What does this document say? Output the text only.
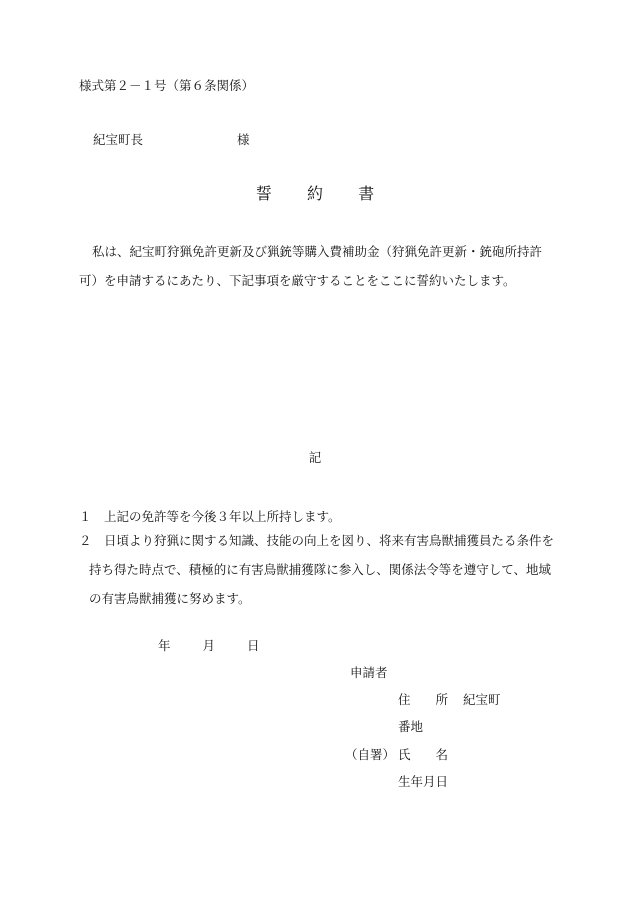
様式第２－１号（第６条関係）
紀宝町長	様
誓 約 書
私は、紀宝町狩猟免許更新及び猟銃等購入費補助金（狩猟免許更新・銃砲所持許可）を申請するにあたり、下記事項を厳守することをここに誓約いたします。
記
１ 上記の免許等を今後３年以上所持します。
２ 日頃より狩猟に関する知識、技能の向上を図り、将来有害鳥獣捕獲員たる条件を持ち得た時点で、積極的に有害鳥獣捕獲隊に参入し、関係法令等を遵守して、地域の有害鳥獣捕獲に努めます。
年	月	日
申請者
住　　所 紀宝町
番地
（自署） 氏　　名
生年月日
